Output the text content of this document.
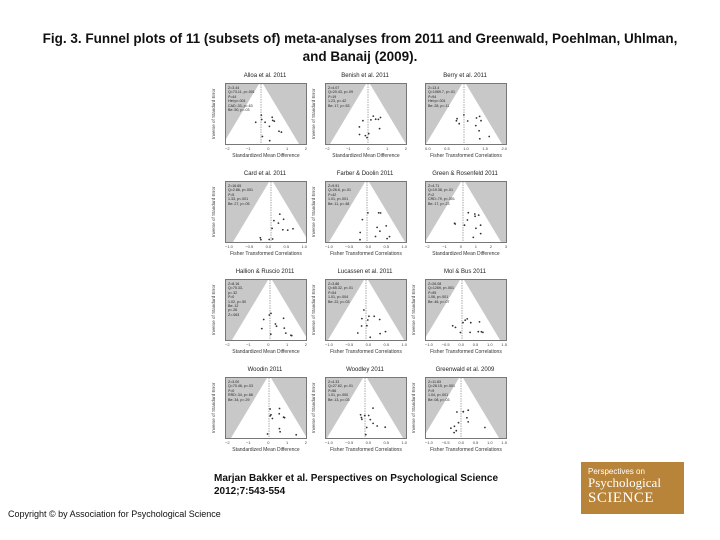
Fig. 3. Funnel plots of 11 (subsets of) meta-analyses from 2011 and Greenwald, Poehlman, Uhlman, and Banaij (2009).
Alloa et al. 2011
Inverse of Standard Error
Z=3.44
Q=73.11, p<.001
I²=44
Het:p<.001
CAD:.33, p=.63
Be:.50, p=.03
−2	−1	0	1	2
Standardized Mean Difference
Benish et al. 2011
Inverse of Standard Error
Z=4.07
Q=20.43, p=.09
I²=19
1.23, p=.42
Be:.17, p=.53
−2	−1	0	1	2
Standardized Mean Difference
Berry et al. 2011
Z=13.4
Q=1069.7, p<.01
I²=94
Het:p<.001
Be:.28, p=.11
0.0	0.5	1.0	1.5	2.0
Fisher Transformed Correlations
Card et al. 2011
Inverse of Standard Error
Z=16.65
Q=2.86, p<.001
I²=5
1.33, p<.001
Be:.27, p=.05
−1.0	−0.5	0.0	0.5	1.0
Fisher Transformed Correlations
Farber & Doolin 2011
Inverse of Standard Error
Z=9.91
Q=26.6, p=.01
I²=42
1.01, p<.001
Be:.11, p=.48
−1.0	−0.5	0.0	0.5	1.0
Fisher Transformed Correlations
Green & Rosenfeld 2011
Z=4.71
Q=19.38, p<.01
I²=2
CRD:.79, p<.001
Be:.17, p=.23
−2	−1	0	1	2	3
Standardized Mean Difference
Hallion & Ruscio 2011
Inverse of Standard Error
Z=8.16
Q=75.33,
p=.32
I²=0
1.02, p=.50
Be:.12
p=.26
Z=.063
−2	−1	0	1	2
Standardized Mean Difference
Lucassen et al. 2011
Inverse of Standard Error
Z=3.86
Q=65.32, p<.01
I²=54
1.01, p=.004
Be:.22, p=.03
−1.0	−0.5	0.0	0.5	1.0
Fisher Transformed Correlations
Mol & Bus 2011
Inverse of Standard Error
Z=26.08
Q=1269, p<.001
I²=95
1.06, p<.001
Be:.46, p=.07
−1.0 −0.5 0.0 0.5 1.0 1.5
Fisher Transformed Correlations
Woodin 2011
Inverse of Standard Error
Z=3.00
Q=70.46, p=.03
I²=0
RRD:.34, p=.66
Be:.34, p=.29
−2	−1	0	1	2
Standardized Mean Difference
Woodley 2011
Inverse of Standard Error
Z=4.33
Q=27.62, p=.01
I²=56
1.01, p=.000
Be:.13, p=.03
−1.0	−0.5	0.0	0.5	1.0
Fisher Transformed Correlations
Greenwald et al. 2009
Inverse of Standard Error
Z=11.83
Q=28.15, p<.001
I²=9
1.04, p<.001
Be:.08, p=.03
−1.0 −0.5 0.0 0.5 1.0 1.5
Fisher Transformed Correlations
Marjan Bakker et al. Perspectives on Psychological Science
2012;7:543-554
Copyright © by Association for Psychological Science
Perspectives on
Psychological
SCIENCE
